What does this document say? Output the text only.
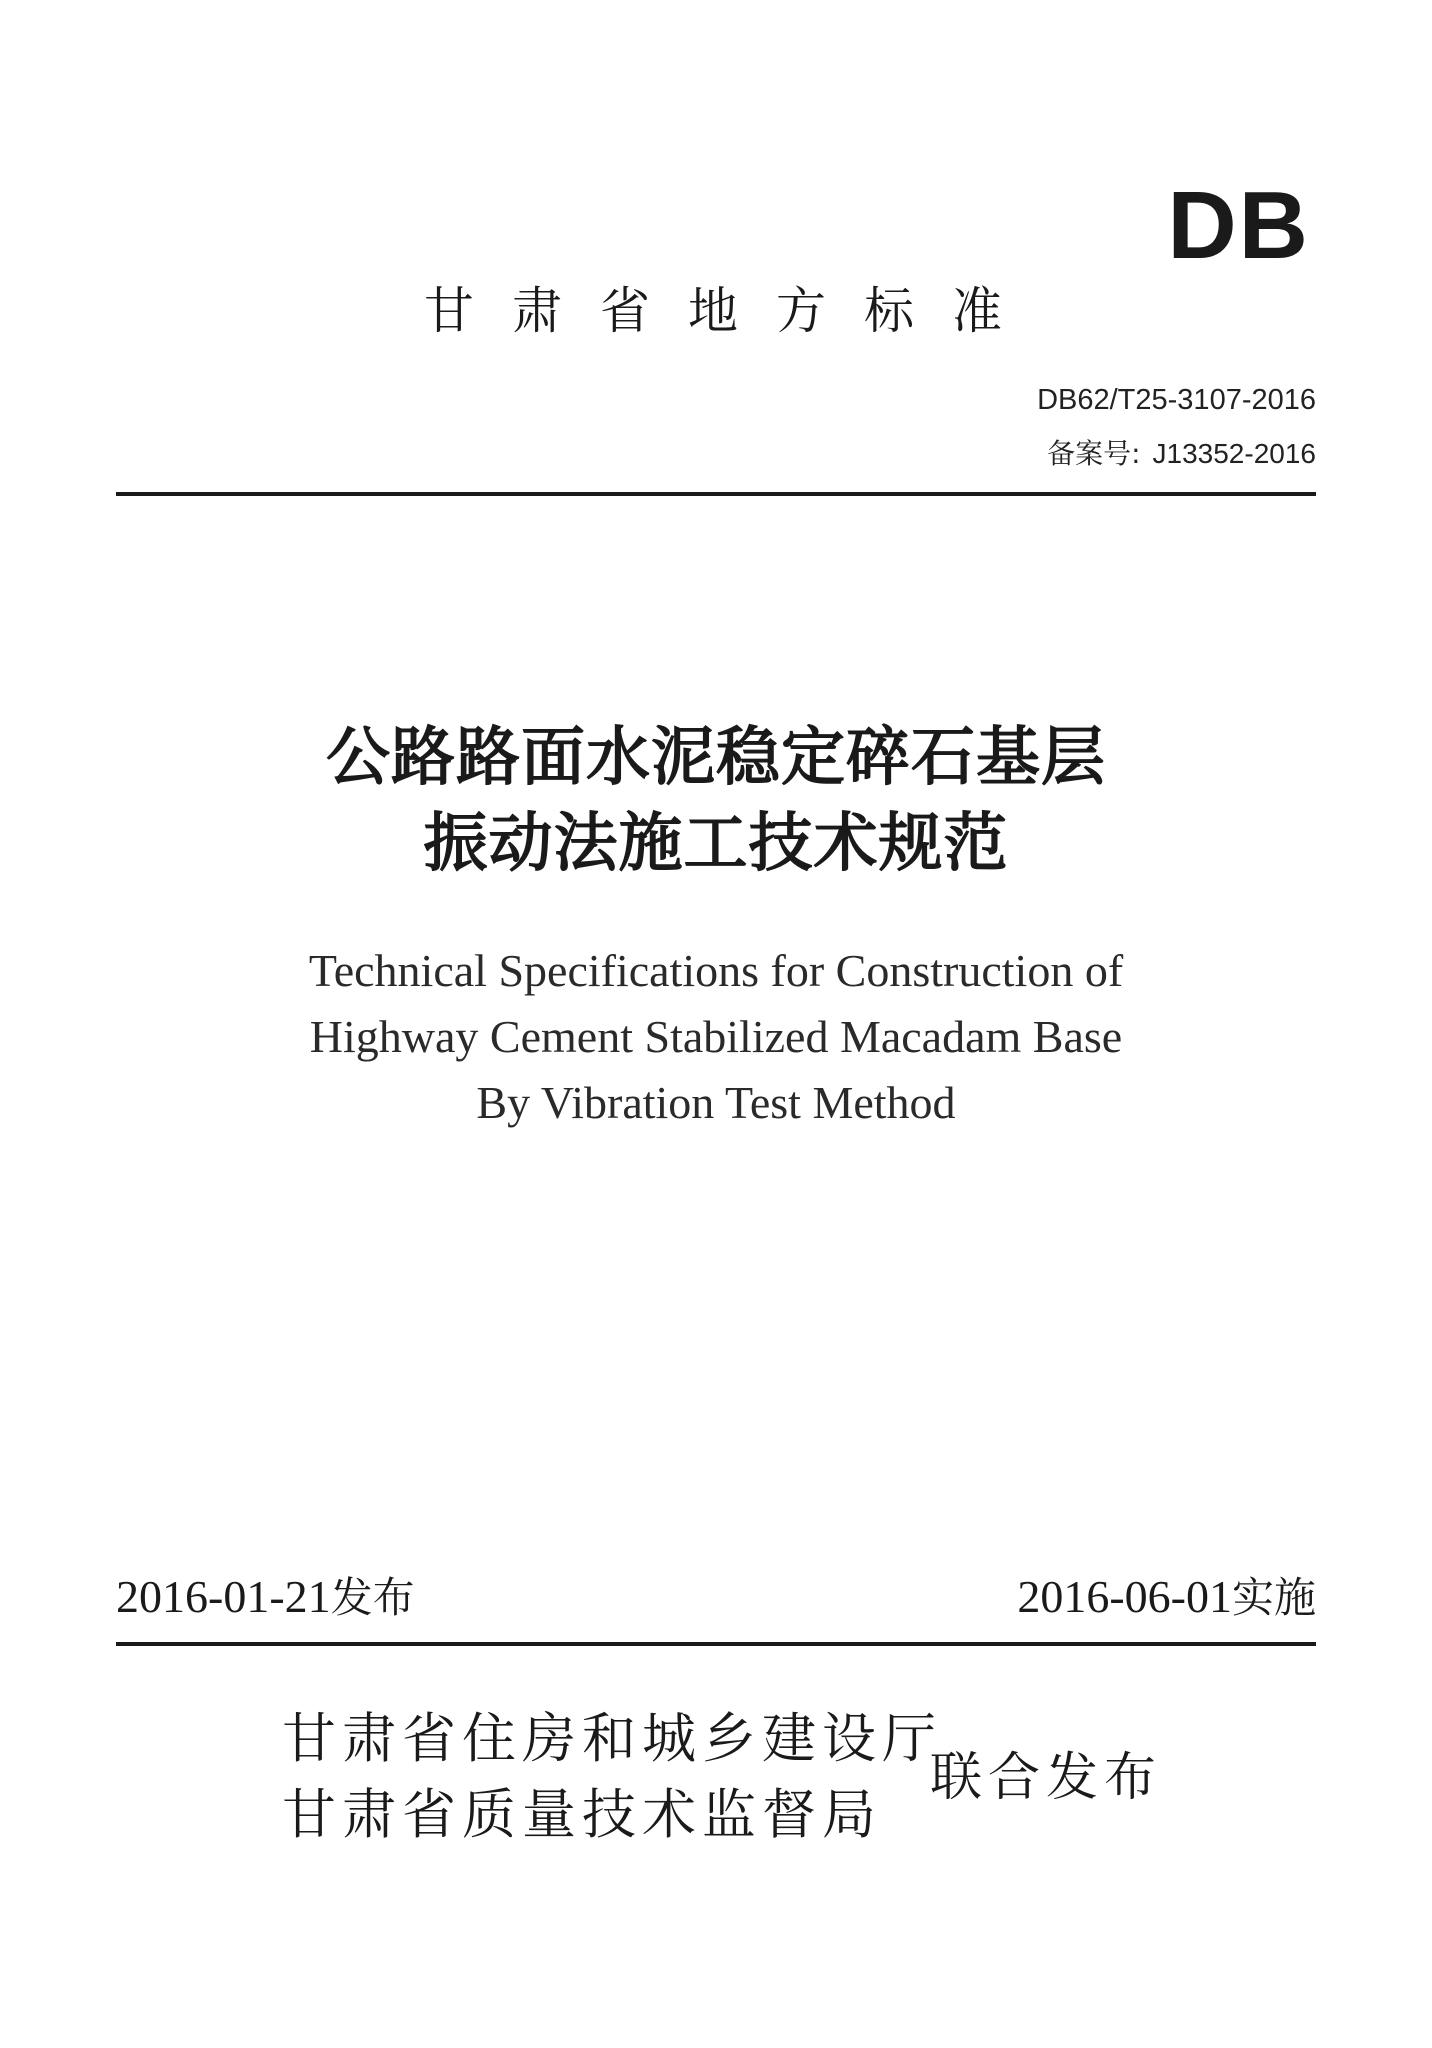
DB
甘肃省地方标准
DB62/T25-3107-2016
备案号: J13352-2016
公路路面水泥稳定碎石基层
振动法施工技术规范
Technical Specifications for Construction of
Highway Cement Stabilized Macadam Base
By Vibration Test Method
2016-01-21发布	2016-06-01实施
甘肃省住房和城乡建设厅
甘肃省质量技术监督局
联合发布
